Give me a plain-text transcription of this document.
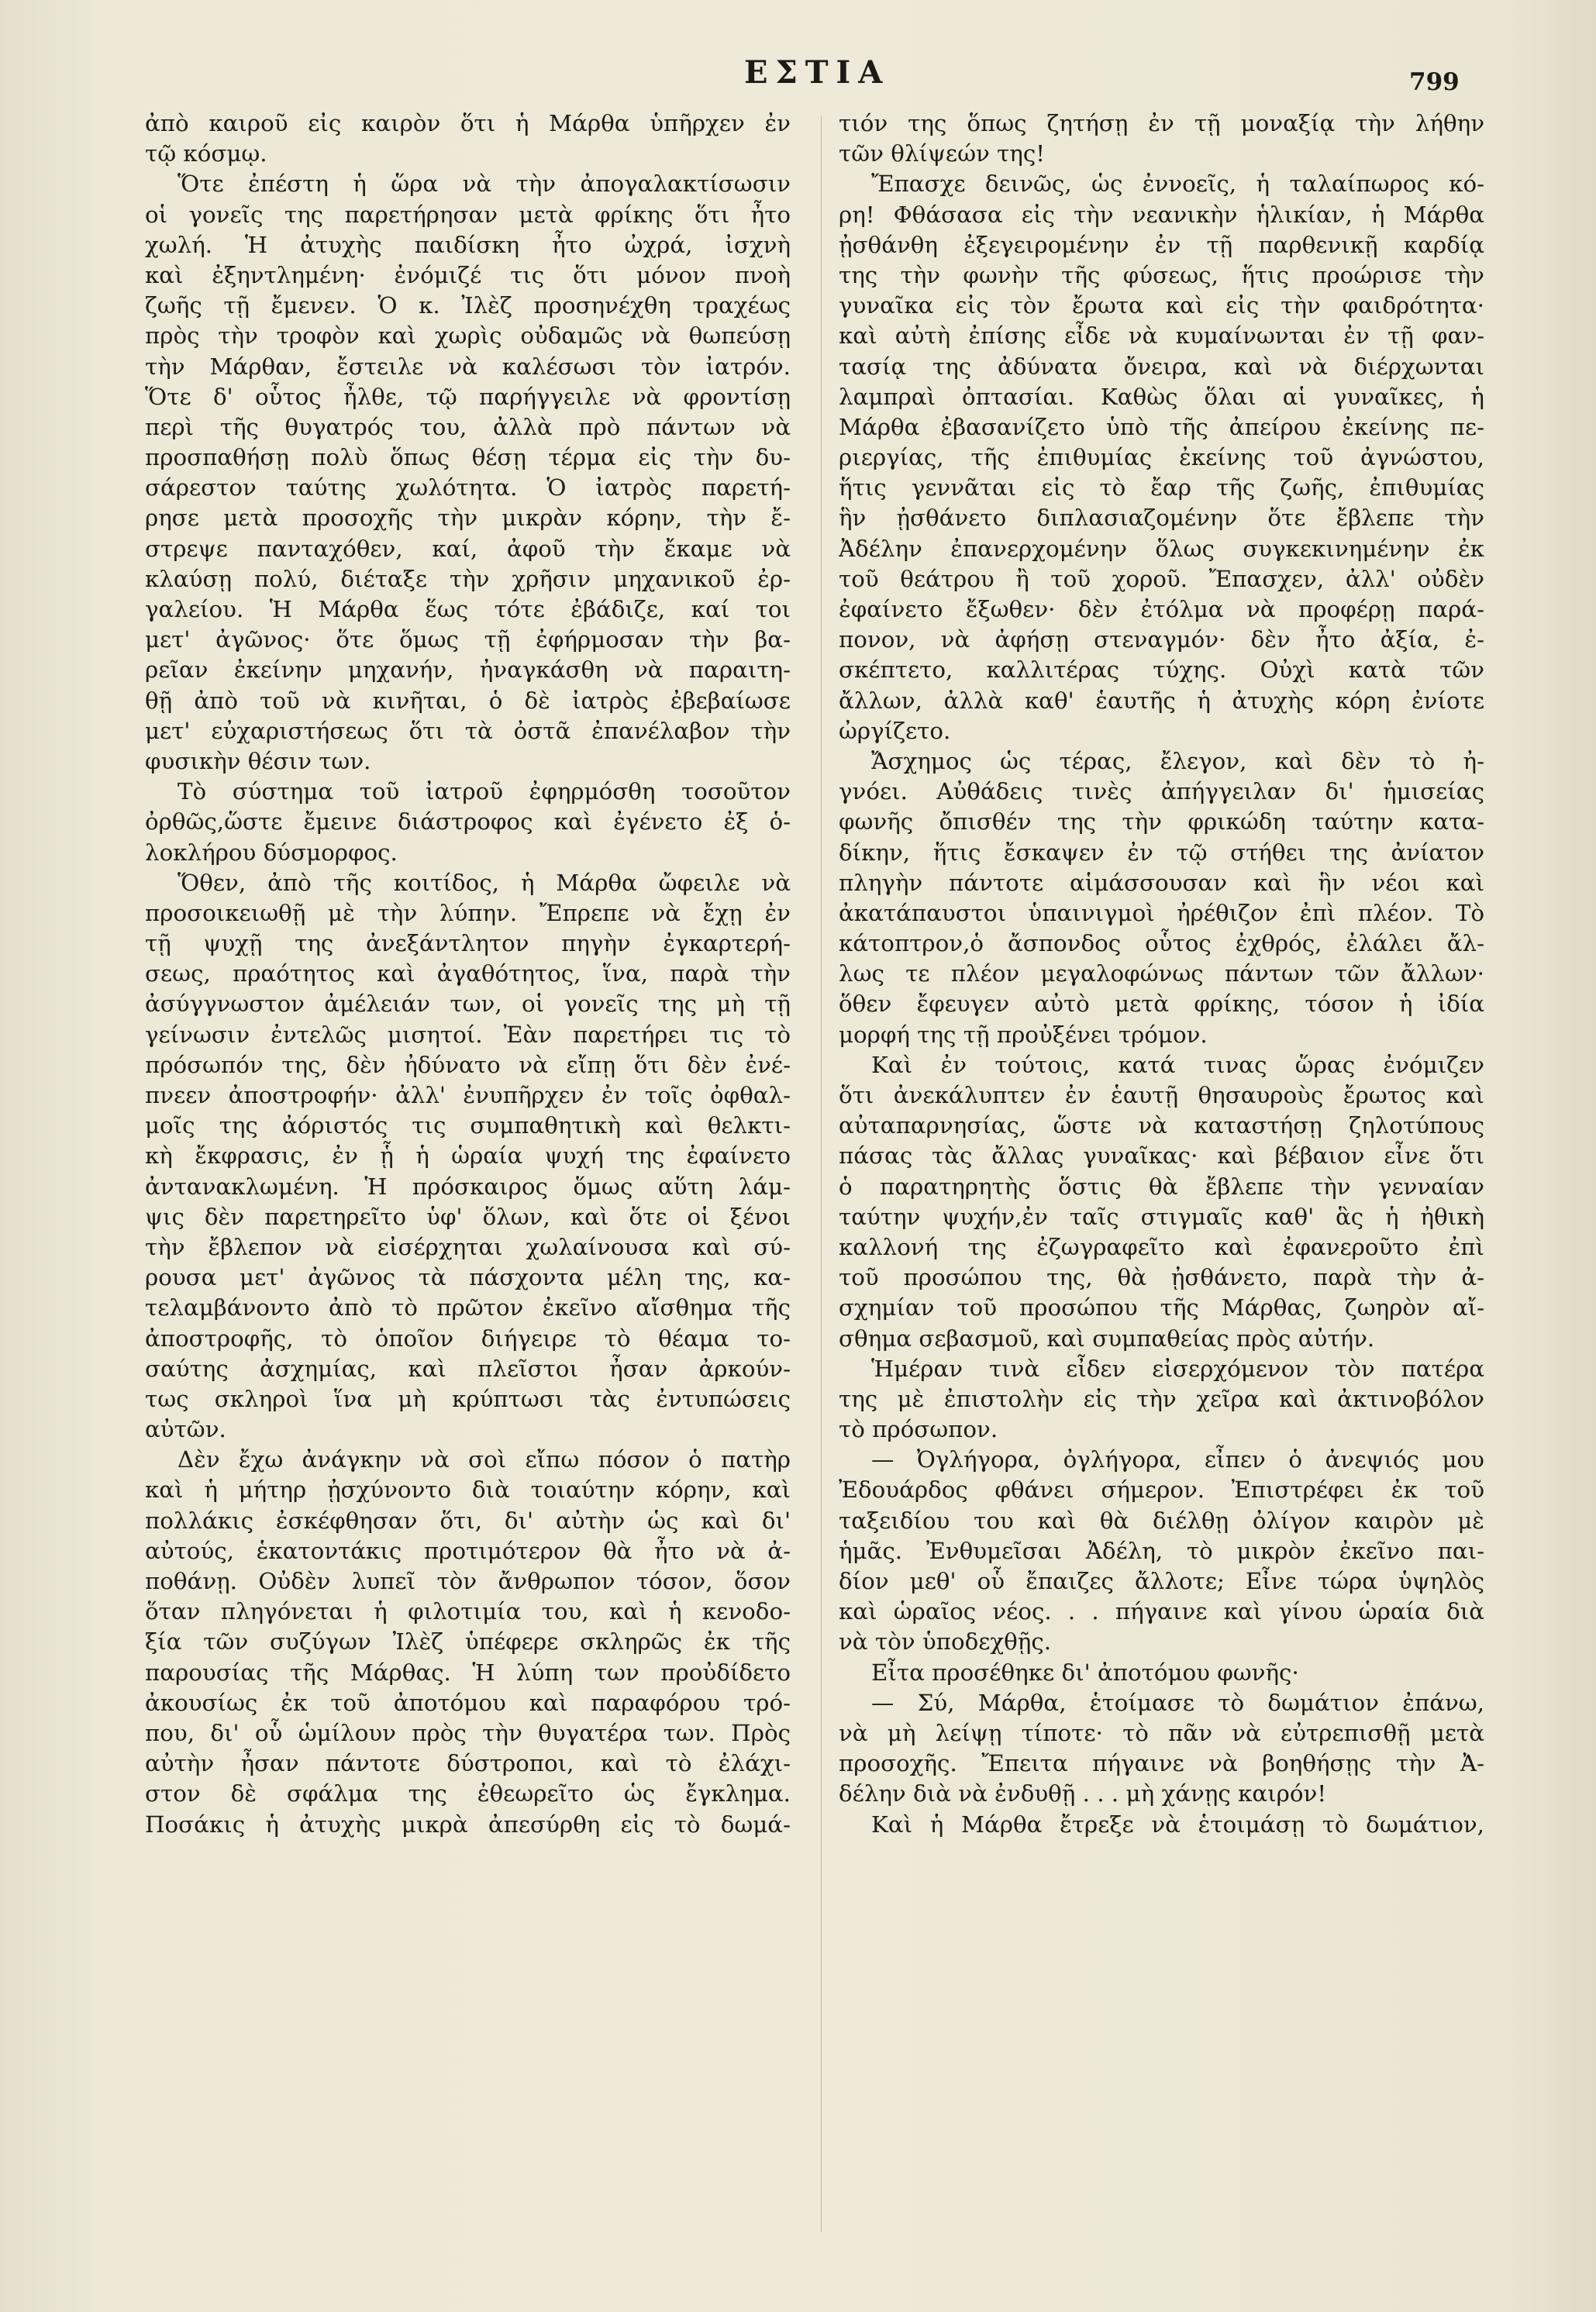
ΕΣΤΙΑ	799
ἀπὸ καιροῦ εἰς καιρὸν ὅτι ἡ Μάρθα ὑπῆρχεν ἐν
τῷ κόσμῳ.
Ὅτε ἐπέστη ἡ ὥρα νὰ τὴν ἀπογαλακτίσωσιν
οἱ γονεῖς της παρετήρησαν μετὰ φρίκης ὅτι ἦτο
χωλή. Ἡ ἀτυχὴς παιδίσκη ἦτο ὠχρά, ἰσχνὴ
καὶ ἐξηντλημένη· ἐνόμιζέ τις ὅτι μόνον πνοὴ
ζωῆς τῇ ἔμενεν. Ὁ κ. Ἰλὲζ προσηνέχθη τραχέως
πρὸς τὴν τροφὸν καὶ χωρὶς οὐδαμῶς νὰ θωπεύσῃ
τὴν Μάρθαν, ἔστειλε νὰ καλέσωσι τὸν ἰατρόν.
Ὅτε δ' οὗτος ἦλθε, τῷ παρήγγειλε νὰ φροντίσῃ
περὶ τῆς θυγατρός του, ἀλλὰ πρὸ πάντων νὰ
προσπαθήσῃ πολὺ ὅπως θέσῃ τέρμα εἰς τὴν δυ-
σάρεστον ταύτης χωλότητα. Ὁ ἰατρὸς παρετή-
ρησε μετὰ προσοχῆς τὴν μικρὰν κόρην, τὴν ἔ-
στρεψε πανταχόθεν, καί, ἀφοῦ τὴν ἔκαμε νὰ
κλαύσῃ πολύ, διέταξε τὴν χρῆσιν μηχανικοῦ ἐρ-
γαλείου. Ἡ Μάρθα ἕως τότε ἐβάδιζε, καί τοι
μετ' ἀγῶνος· ὅτε ὅμως τῇ ἐφήρμοσαν τὴν βα-
ρεῖαν ἐκείνην μηχανήν, ἠναγκάσθη νὰ παραιτη-
θῇ ἀπὸ τοῦ νὰ κινῆται, ὁ δὲ ἰατρὸς ἐβεβαίωσε
μετ' εὐχαριστήσεως ὅτι τὰ ὀστᾶ ἐπανέλαβον τὴν
φυσικὴν θέσιν των.
Τὸ σύστημα τοῦ ἰατροῦ ἐφηρμόσθη τοσοῦτον
ὀρθῶς,ὥστε ἔμεινε διάστροφος καὶ ἐγένετο ἐξ ὁ-
λοκλήρου δύσμορφος.
Ὅθεν, ἀπὸ τῆς κοιτίδος, ἡ Μάρθα ὤφειλε νὰ
προσοικειωθῇ μὲ τὴν λύπην. Ἔπρεπε νὰ ἔχῃ ἐν
τῇ ψυχῇ της ἀνεξάντλητον πηγὴν ἐγκαρτερή-
σεως, πραότητος καὶ ἀγαθότητος, ἵνα, παρὰ τὴν
ἀσύγγνωστον ἀμέλειάν των, οἱ γονεῖς της μὴ τῇ
γείνωσιν ἐντελῶς μισητοί. Ἐὰν παρετήρει τις τὸ
πρόσωπόν της, δὲν ἠδύνατο νὰ εἴπῃ ὅτι δὲν ἐνέ-
πνεεν ἀποστροφήν· ἀλλ' ἐνυπῆρχεν ἐν τοῖς ὀφθαλ-
μοῖς της ἀόριστός τις συμπαθητικὴ καὶ θελκτι-
κὴ ἔκφρασις, ἐν ᾗ ἡ ὡραία ψυχή της ἐφαίνετο
ἀντανακλωμένη. Ἡ πρόσκαιρος ὅμως αὕτη λάμ-
ψις δὲν παρετηρεῖτο ὑφ' ὅλων, καὶ ὅτε οἱ ξένοι
τὴν ἔβλεπον νὰ εἰσέρχηται χωλαίνουσα καὶ σύ-
ρουσα μετ' ἀγῶνος τὰ πάσχοντα μέλη της, κα-
τελαμβάνοντο ἀπὸ τὸ πρῶτον ἐκεῖνο αἴσθημα τῆς
ἀποστροφῆς, τὸ ὁποῖον διήγειρε τὸ θέαμα το-
σαύτης ἀσχημίας, καὶ πλεῖστοι ἦσαν ἀρκούν-
τως σκληροὶ ἵνα μὴ κρύπτωσι τὰς ἐντυπώσεις
αὐτῶν.
Δὲν ἔχω ἀνάγκην νὰ σοὶ εἴπω πόσον ὁ πατὴρ
καὶ ἡ μήτηρ ᾐσχύνοντο διὰ τοιαύτην κόρην, καὶ
πολλάκις ἐσκέφθησαν ὅτι, δι' αὐτὴν ὡς καὶ δι'
αὐτούς, ἑκατοντάκις προτιμότερον θὰ ἦτο νὰ ἀ-
ποθάνῃ. Οὐδὲν λυπεῖ τὸν ἄνθρωπον τόσον, ὅσον
ὅταν πληγόνεται ἡ φιλοτιμία του, καὶ ἡ κενοδο-
ξία τῶν συζύγων Ἰλὲζ ὑπέφερε σκληρῶς ἐκ τῆς
παρουσίας τῆς Μάρθας. Ἡ λύπη των προὐδίδετο
ἀκουσίως ἐκ τοῦ ἀποτόμου καὶ παραφόρου τρό-
που, δι' οὗ ὡμίλουν πρὸς τὴν θυγατέρα των. Πρὸς
αὐτὴν ἦσαν πάντοτε δύστροποι, καὶ τὸ ἐλάχι-
στον δὲ σφάλμα της ἐθεωρεῖτο ὡς ἔγκλημα.
Ποσάκις ἡ ἀτυχὴς μικρὰ ἀπεσύρθη εἰς τὸ δωμά-
τιόν της ὅπως ζητήσῃ ἐν τῇ μοναξίᾳ τὴν λήθην
τῶν θλίψεών της!
Ἔπασχε δεινῶς, ὡς ἐννοεῖς, ἡ ταλαίπωρος κό-
ρη! Φθάσασα εἰς τὴν νεανικὴν ἡλικίαν, ἡ Μάρθα
ᾐσθάνθη ἐξεγειρομένην ἐν τῇ παρθενικῇ καρδίᾳ
της τὴν φωνὴν τῆς φύσεως, ἥτις προώρισε τὴν
γυναῖκα εἰς τὸν ἔρωτα καὶ εἰς τὴν φαιδρότητα·
καὶ αὐτὴ ἐπίσης εἶδε νὰ κυμαίνωνται ἐν τῇ φαν-
τασίᾳ της ἀδύνατα ὄνειρα, καὶ νὰ διέρχωνται
λαμπραὶ ὀπτασίαι. Καθὼς ὅλαι αἱ γυναῖκες, ἡ
Μάρθα ἐβασανίζετο ὑπὸ τῆς ἀπείρου ἐκείνης πε-
ριεργίας, τῆς ἐπιθυμίας ἐκείνης τοῦ ἀγνώστου,
ἥτις γεννᾶται εἰς τὸ ἔαρ τῆς ζωῆς, ἐπιθυμίας
ἣν ᾐσθάνετο διπλασιαζομένην ὅτε ἔβλεπε τὴν
Ἀδέλην ἐπανερχομένην ὅλως συγκεκινημένην ἐκ
τοῦ θεάτρου ἢ τοῦ χοροῦ. Ἔπασχεν, ἀλλ' οὐδὲν
ἐφαίνετο ἔξωθεν· δὲν ἐτόλμα νὰ προφέρῃ παρά-
πονον, νὰ ἀφήσῃ στεναγμόν· δὲν ἦτο ἀξία, ἐ-
σκέπτετο, καλλιτέρας τύχης. Οὐχὶ κατὰ τῶν
ἄλλων, ἀλλὰ καθ' ἑαυτῆς ἡ ἀτυχὴς κόρη ἐνίοτε
ὠργίζετο.
Ἄσχημος ὡς τέρας, ἔλεγον, καὶ δὲν τὸ ἠ-
γνόει. Αὐθάδεις τινὲς ἀπήγγειλαν δι' ἡμισείας
φωνῆς ὄπισθέν της τὴν φρικώδη ταύτην κατα-
δίκην, ἥτις ἔσκαψεν ἐν τῷ στήθει της ἀνίατον
πληγὴν πάντοτε αἱμάσσουσαν καὶ ἣν νέοι καὶ
ἀκατάπαυστοι ὑπαινιγμοὶ ἠρέθιζον ἐπὶ πλέον. Τὸ
κάτοπτρον,ὁ ἄσπονδος οὗτος ἐχθρός, ἐλάλει ἄλ-
λως τε πλέον μεγαλοφώνως πάντων τῶν ἄλλων·
ὅθεν ἔφευγεν αὐτὸ μετὰ φρίκης, τόσον ἡ ἰδία
μορφή της τῇ προὐξένει τρόμον.
Καὶ ἐν τούτοις, κατά τινας ὥρας ἐνόμιζεν
ὅτι ἀνεκάλυπτεν ἐν ἑαυτῇ θησαυροὺς ἔρωτος καὶ
αὐταπαρνησίας, ὥστε νὰ καταστήσῃ ζηλοτύπους
πάσας τὰς ἄλλας γυναῖκας· καὶ βέβαιον εἶνε ὅτι
ὁ παρατηρητὴς ὅστις θὰ ἔβλεπε τὴν γενναίαν
ταύτην ψυχήν,ἐν ταῖς στιγμαῖς καθ' ἃς ἡ ἠθικὴ
καλλονή της ἐζωγραφεῖτο καὶ ἐφανεροῦτο ἐπὶ
τοῦ προσώπου της, θὰ ᾐσθάνετο, παρὰ τὴν ἀ-
σχημίαν τοῦ προσώπου τῆς Μάρθας, ζωηρὸν αἴ-
σθημα σεβασμοῦ, καὶ συμπαθείας πρὸς αὐτήν.
Ἡμέραν τινὰ εἶδεν εἰσερχόμενον τὸν πατέρα
της μὲ ἐπιστολὴν εἰς τὴν χεῖρα καὶ ἀκτινοβόλον
τὸ πρόσωπον.
— Ὀγλήγορα, ὀγλήγορα, εἶπεν ὁ ἀνεψιός μου
Ἐδουάρδος φθάνει σήμερον. Ἐπιστρέφει ἐκ τοῦ
ταξειδίου του καὶ θὰ διέλθῃ ὀλίγον καιρὸν μὲ
ἡμᾶς. Ἐνθυμεῖσαι Ἀδέλη, τὸ μικρὸν ἐκεῖνο παι-
δίον μεθ' οὗ ἔπαιζες ἄλλοτε; Εἶνε τώρα ὑψηλὸς
καὶ ὡραῖος νέος. . . πήγαινε καὶ γίνου ὡραία διὰ
νὰ τὸν ὑποδεχθῇς.
Εἶτα προσέθηκε δι' ἀποτόμου φωνῆς·
— Σύ, Μάρθα, ἑτοίμασε τὸ δωμάτιον ἐπάνω,
νὰ μὴ λείψῃ τίποτε· τὸ πᾶν νὰ εὐτρεπισθῇ μετὰ
προσοχῆς. Ἔπειτα πήγαινε νὰ βοηθήσῃς τὴν Ἀ-
δέλην διὰ νὰ ἐνδυθῇ . . . μὴ χάνῃς καιρόν!
Καὶ ἡ Μάρθα ἔτρεξε νὰ ἑτοιμάσῃ τὸ δωμάτιον,
